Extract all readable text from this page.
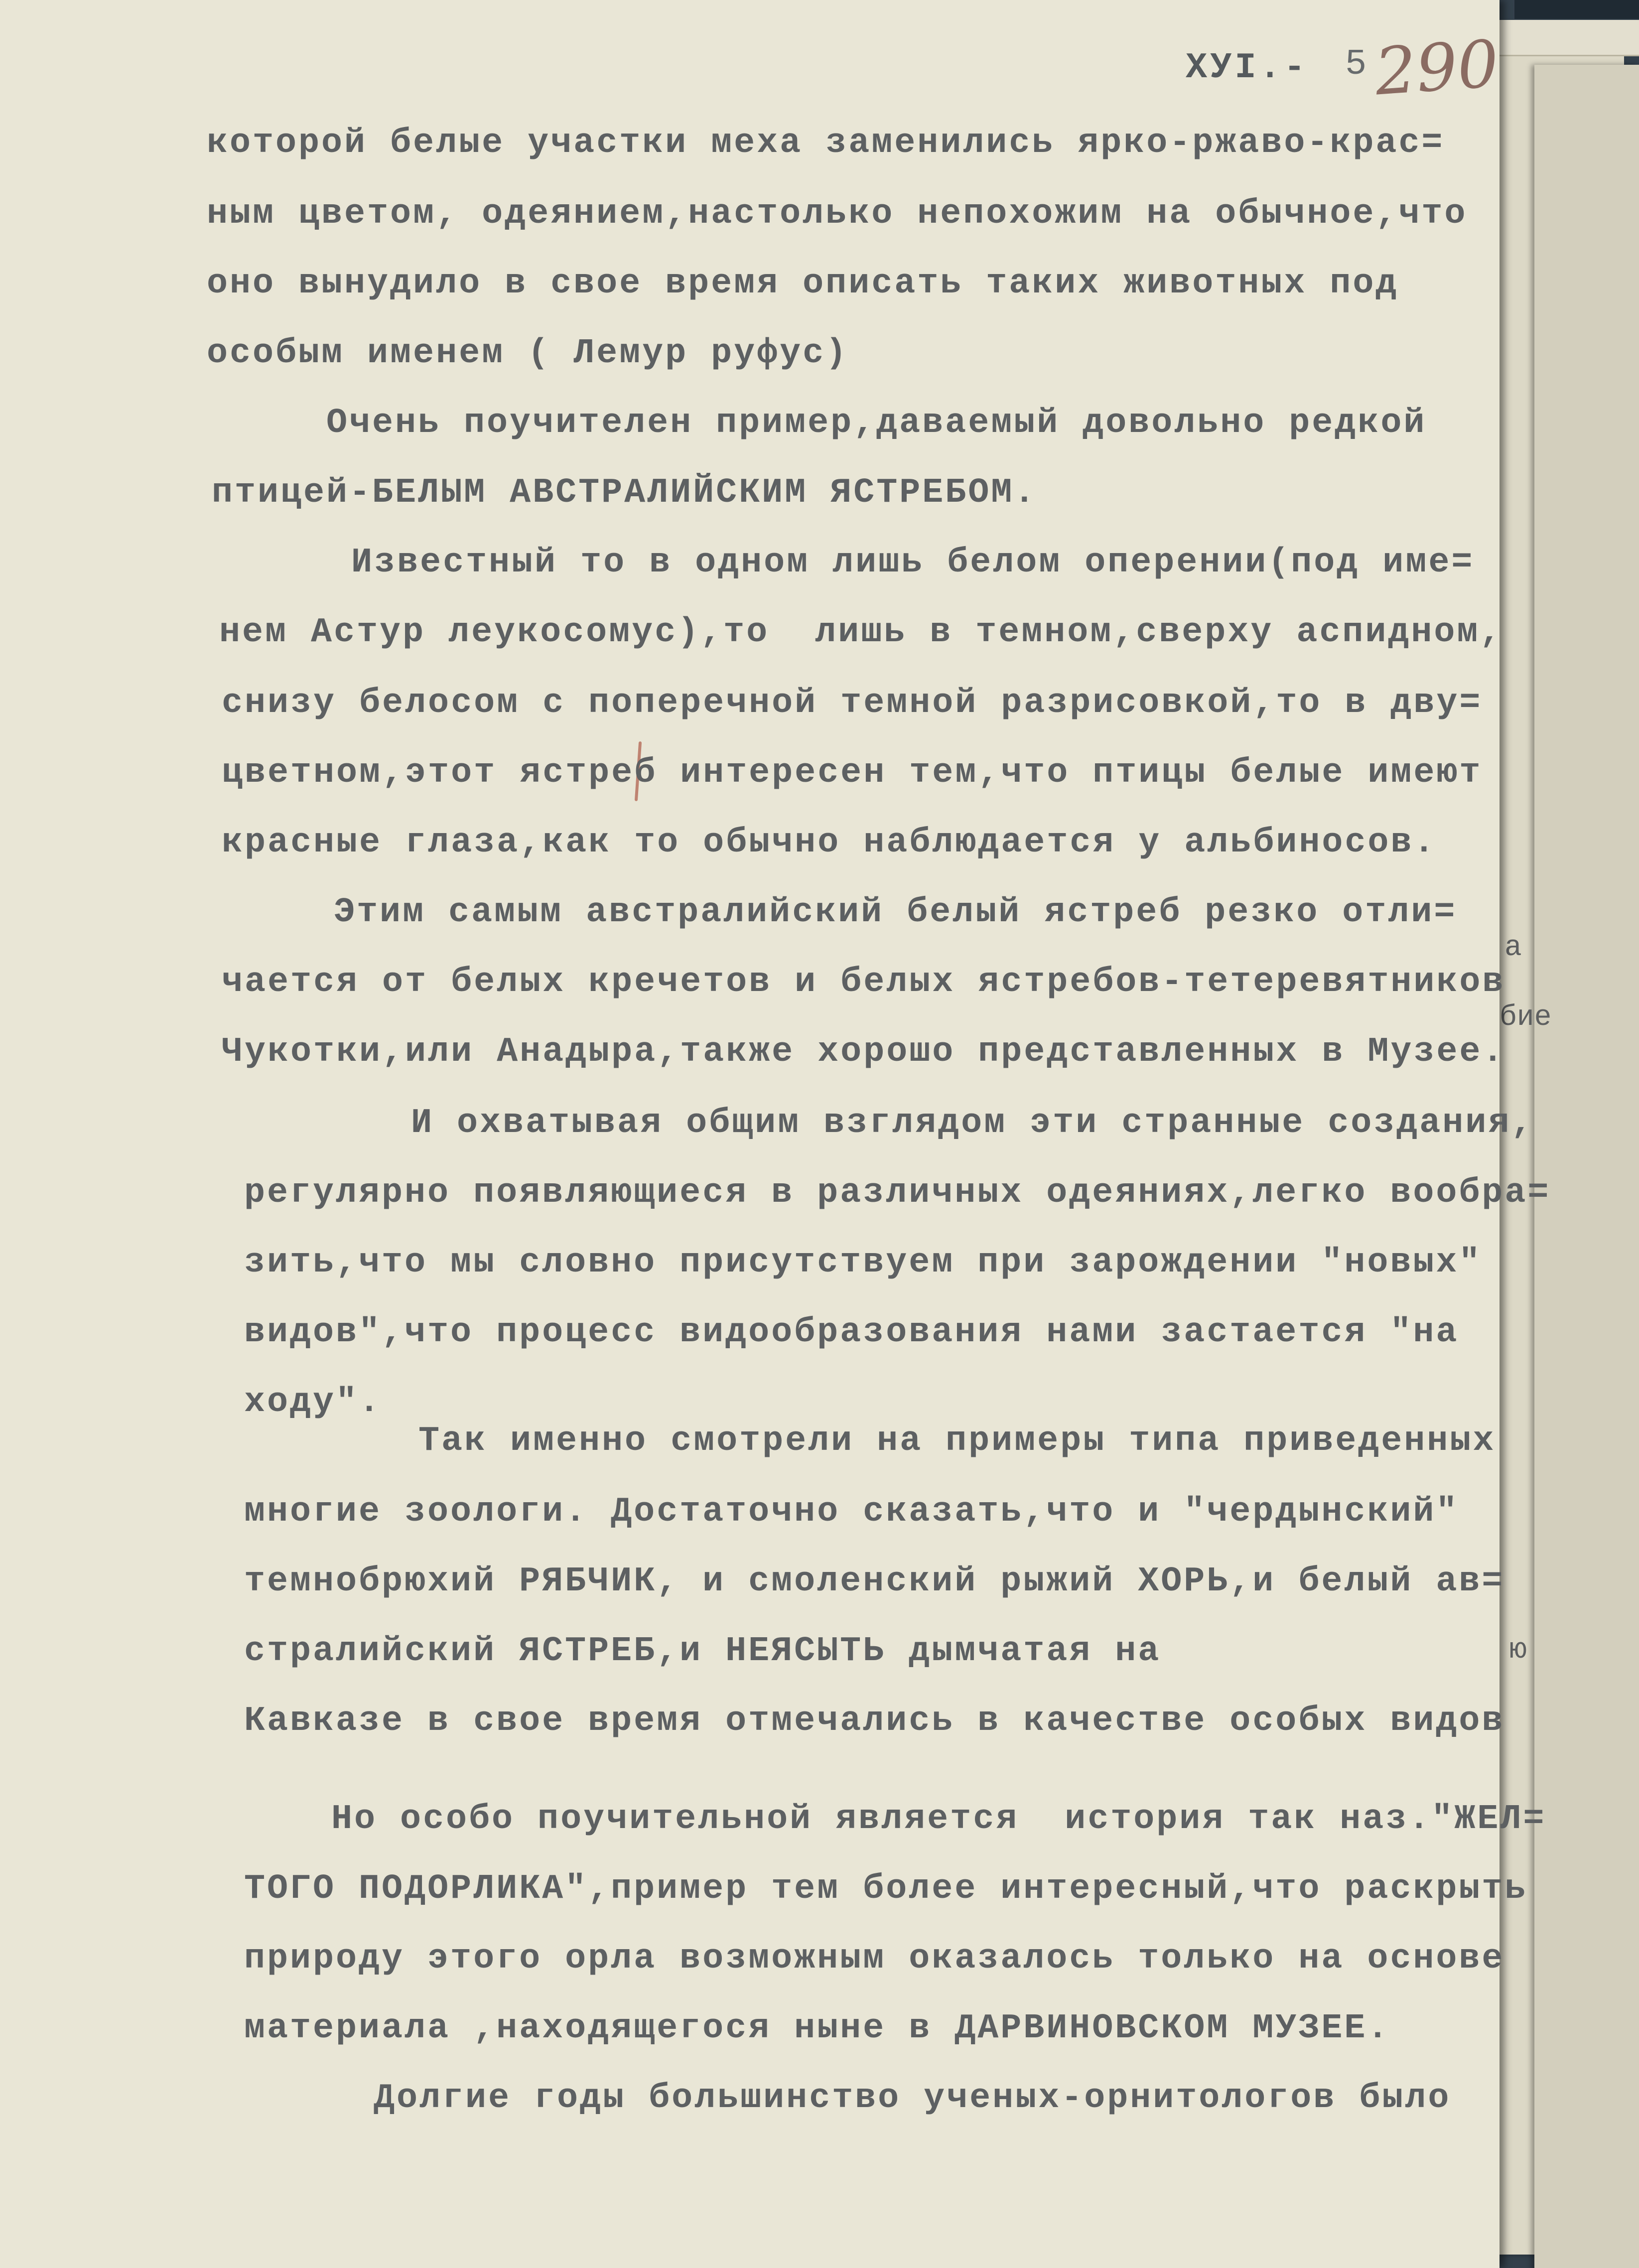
а
бие
ю
ХУІ.- 5 290
которой белые участки меха заменились ярко-ржаво-крас=
ным цветом, одеянием,настолько непохожим на обычное,что
оно вынудило в свое время описать таких животных под
особым именем ( Лемур руфус)
Очень поучителен пример,даваемый довольно редкой
птицей-БЕЛЫМ АВСТРАЛИЙСКИМ ЯСТРЕБОМ.
Известный то в одном лишь белом оперении(под име=
нем Астур леукосомус),то  лишь в темном,сверху аспидном,
снизу белосом с поперечной темной разрисовкой,то в дву=
цветном,этот ястреб интересен тем,что птицы белые имеют
красные глаза,как то обычно наблюдается у альбиносов.
Этим самым австралийский белый ястреб резко отли=
чается от белых кречетов и белых ястребов-тетеревятников
Чукотки,или Анадыра,также хорошо представленных в Музее.
И охватывая общим взглядом эти странные создания,
регулярно появляющиеся в различных одеяниях,легко вообра=
зить,что мы словно присутствуем при зарождении "новых"
видов",что процесс видообразования нами застается "на
ходу".
Так именно смотрели на примеры типа приведенных
многие зоологи. Достаточно сказать,что и "чердынский"
темнобрюхий РЯБЧИК, и смоленский рыжий ХОРЬ,и белый ав=
стралийский ЯСТРЕБ,и НЕЯСЫТЬ дымчатая на
Кавказе в свое время отмечались в качестве особых видов
Но особо поучительной является  история так наз."ЖЕЛ=
ТОГО ПОДОРЛИКА",пример тем более интересный,что раскрыть
природу этого орла возможным оказалось только на основе
материала ,находящегося ныне в ДАРВИНОВСКОМ МУЗЕЕ.
Долгие годы большинство ученых-орнитологов было
